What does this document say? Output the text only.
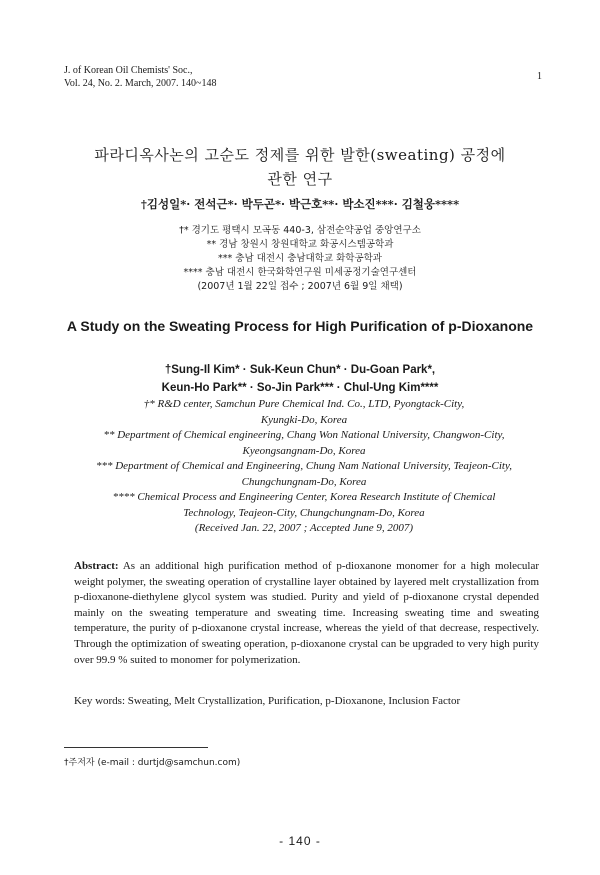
J. of Korean Oil Chemists' Soc.,
Vol. 24, No. 2. March, 2007. 140~148
1
파라디옥사논의 고순도 정제를 위한 발한(sweating) 공정에
관한 연구
†김성일*· 전석근*· 박두곤*· 박근호**· 박소진***· 김철웅****
†* 경기도 평택시 모곡동 440-3, 삼전순약공업 중앙연구소
** 경남 창원시 창원대학교 화공시스템공학과
*** 충남 대전시 충남대학교 화학공학과
**** 충남 대전시 한국화학연구원 미세공정기술연구센터
(2007년 1월 22일 접수 ; 2007년 6월 9일 채택)
A Study on the Sweating Process for High Purification of p-Dioxanone
†Sung-Il Kim* · Suk-Keun Chun* · Du-Goan Park*,
Keun-Ho Park** · So-Jin Park*** · Chul-Ung Kim****
†* R&D center, Samchun Pure Chemical Ind. Co., LTD, Pyongtack-City,
Kyungki-Do, Korea
** Department of Chemical engineering, Chang Won National University, Changwon-City,
Kyeongsangnam-Do, Korea
*** Department of Chemical and Engineering, Chung Nam National University, Teajeon-City,
Chungchungnam-Do, Korea
**** Chemical Process and Engineering Center, Korea Research Institute of Chemical
Technology, Teajeon-City, Chungchungnam-Do, Korea
(Received Jan. 22, 2007 ; Accepted June 9, 2007)
Abstract: As an additional high purification method of p-dioxanone monomer for a high molecular weight polymer, the sweating operation of crystalline layer obtained by layered melt crystallization from p-dioxanone-diethylene glycol system was studied. Purity and yield of p-dioxanone crystal depended mainly on the sweating temperature and sweating time. Increasing sweating time and sweating temperature, the purity of p-dioxanone crystal increase, whereas the yield of that decrease, respectively. Through the optimization of sweating operation, p-dioxanone crystal can be upgraded to very high purity over 99.9 % suited to monomer for polymerization.
Key words: Sweating, Melt Crystallization, Purification, p-Dioxanone, Inclusion Factor
†주저자 (e-mail : durtjd@samchun.com)
- 140 -
